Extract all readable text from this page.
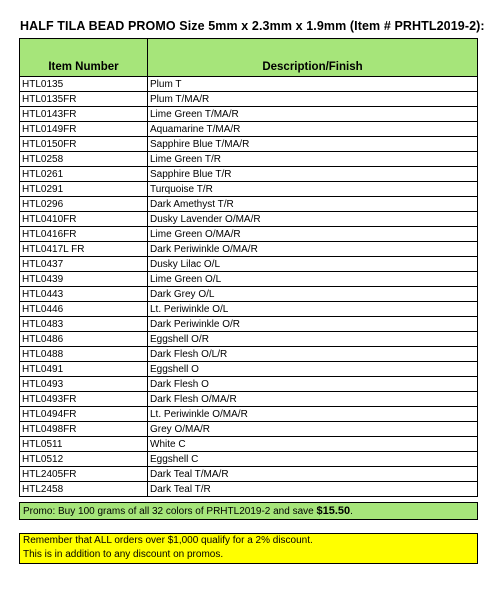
HALF TILA BEAD PROMO Size 5mm x 2.3mm x 1.9mm (Item # PRHTL2019-2):
Item Number	Description/Finish
HTL0135	Plum T
HTL0135FR	Plum T/MA/R
HTL0143FR	Lime Green T/MA/R
HTL0149FR	Aquamarine T/MA/R
HTL0150FR	Sapphire Blue T/MA/R
HTL0258	Lime Green T/R
HTL0261	Sapphire Blue T/R
HTL0291	Turquoise T/R
HTL0296	Dark Amethyst T/R
HTL0410FR	Dusky Lavender O/MA/R
HTL0416FR	Lime Green O/MA/R
HTL0417L FR	Dark Periwinkle O/MA/R
HTL0437	Dusky Lilac O/L
HTL0439	Lime Green O/L
HTL0443	Dark Grey O/L
HTL0446	Lt. Periwinkle O/L
HTL0483	Dark Periwinkle O/R
HTL0486	Eggshell O/R
HTL0488	Dark Flesh O/L/R
HTL0491	Eggshell O
HTL0493	Dark Flesh O
HTL0493FR	Dark Flesh O/MA/R
HTL0494FR	Lt. Periwinkle O/MA/R
HTL0498FR	Grey O/MA/R
HTL0511	White C
HTL0512	Eggshell C
HTL2405FR	Dark Teal T/MA/R
HTL2458	Dark Teal T/R
Promo: Buy 100 grams of all 32 colors of PRHTL2019-2 and save $15.50.
Remember that ALL orders over $1,000 qualify for a 2% discount.
This is in addition to any discount on promos.
